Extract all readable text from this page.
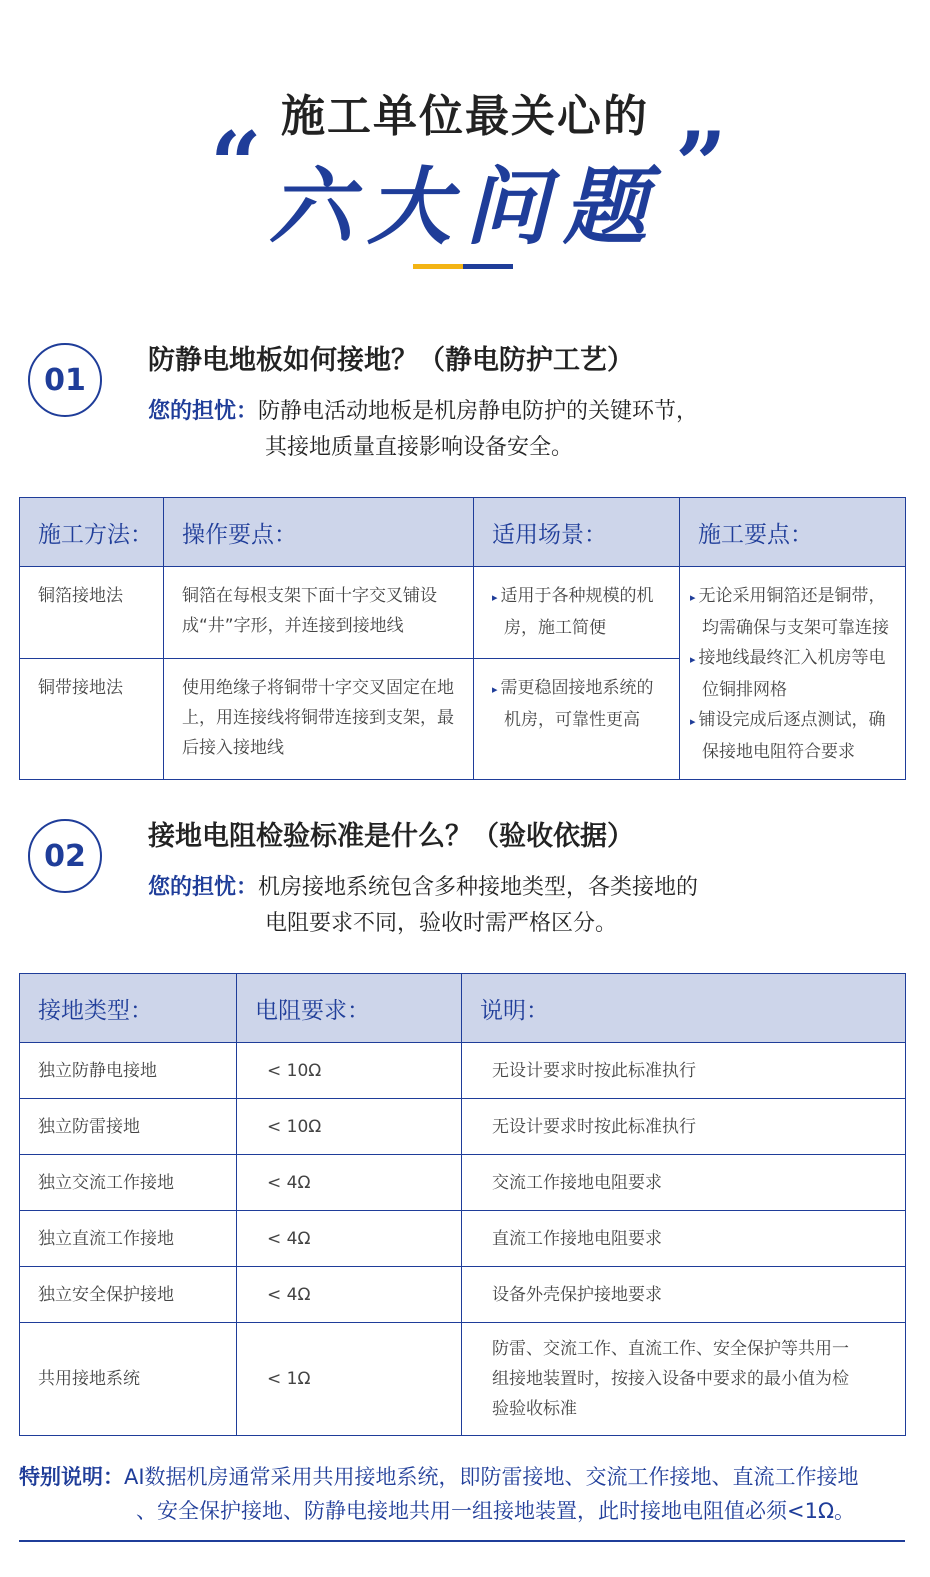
施工单位最关心的
“ 六大问题 ”
01
防静电地板如何接地？（静电防护工艺）
您的担忧：防静电活动地板是机房静电防护的关键环节，
其接地质量直接影响设备安全。
施工方法：	操作要点：	适用场景：	施工要点：
铜箔接地法	铜箔在每根支架下面十字交叉铺设成“井”字形，并连接到接地线	▸ 适用于各种规模的机房，施工简便	▸ 无论采用铜箔还是铜带，均需确保与支架可靠连接
▸ 接地线最终汇入机房等电位铜排网格
▸ 铺设完成后逐点测试，确保接地电阻符合要求

铜带接地法	使用绝缘子将铜带十字交叉固定在地上，用连接线将铜带连接到支架，最后接入接地线	▸ 需更稳固接地系统的机房，可靠性更高
02
接地电阻检验标准是什么？（验收依据）
您的担忧：机房接地系统包含多种接地类型，各类接地的
电阻要求不同，验收时需严格区分。
接地类型：	电阻要求：	说明：
独立防静电接地	< 10Ω	无设计要求时按此标准执行
独立防雷接地	< 10Ω	无设计要求时按此标准执行
独立交流工作接地	< 4Ω	交流工作接地电阻要求
独立直流工作接地	< 4Ω	直流工作接地电阻要求
独立安全保护接地	< 4Ω	设备外壳保护接地要求
共用接地系统	< 1Ω	防雷、交流工作、直流工作、安全保护等共用一组接地装置时，按接入设备中要求的最小值为检验验收标准
特别说明：AI数据机房通常采用共用接地系统，即防雷接地、交流工作接地、直流工作接地
、安全保护接地、防静电接地共用一组接地装置，此时接地电阻值必须<1Ω。
